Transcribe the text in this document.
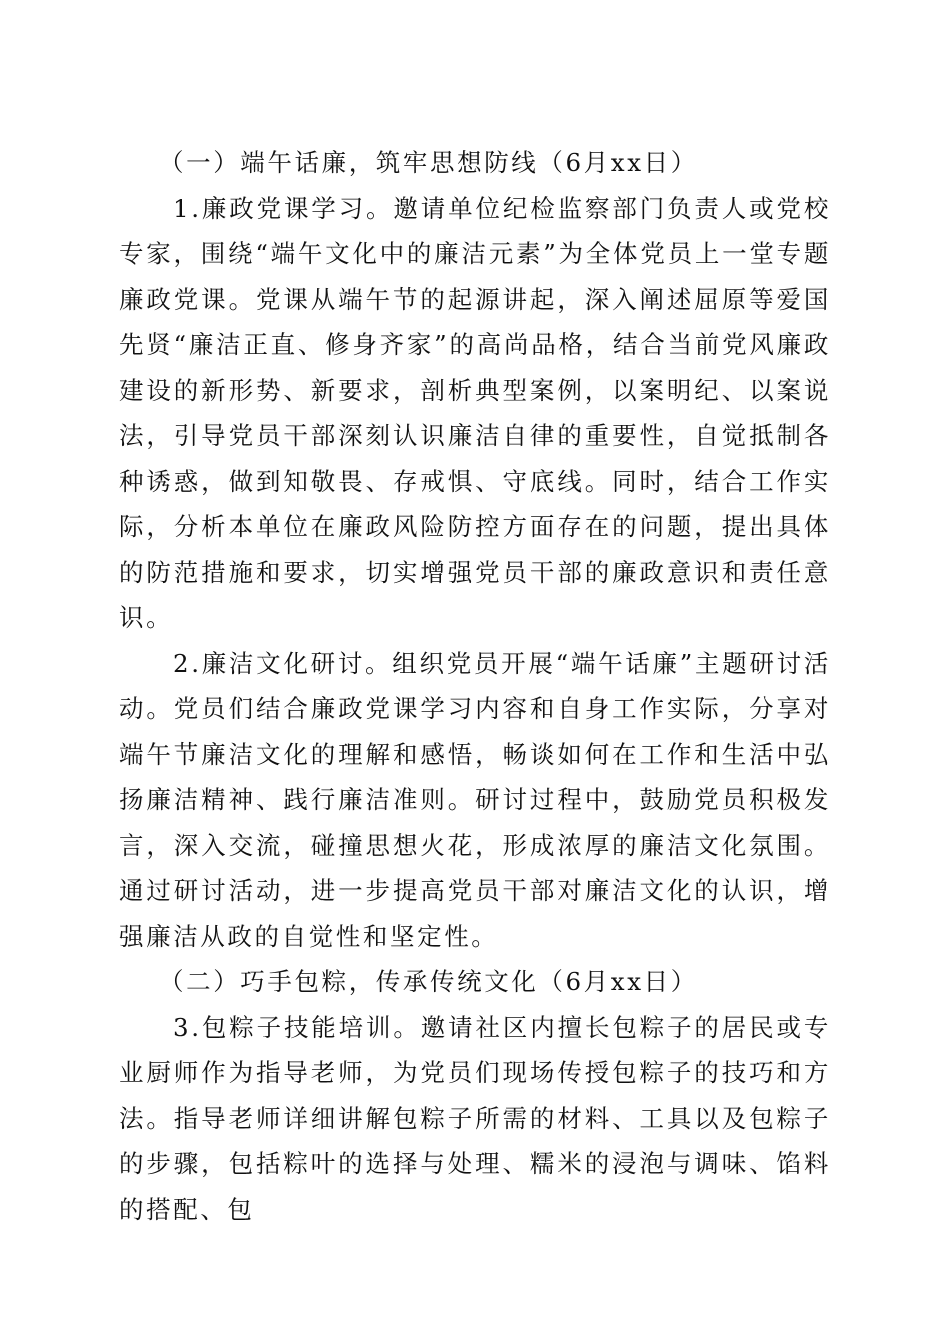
（一）端午话廉，筑牢思想防线（6月xx日）

1.廉政党课学习。邀请单位纪检监察部门负责人或党校专家，围绕“端午文化中的廉洁元素”为全体党员上一堂专题廉政党课。党课从端午节的起源讲起，深入阐述屈原等爱国先贤“廉洁正直、修身齐家”的高尚品格，结合当前党风廉政建设的新形势、新要求，剖析典型案例，以案明纪、以案说法，引导党员干部深刻认识廉洁自律的重要性，自觉抵制各种诱惑，做到知敬畏、存戒惧、守底线。同时，结合工作实际，分析本单位在廉政风险防控方面存在的问题，提出具体的防范措施和要求，切实增强党员干部的廉政意识和责任意识。

2.廉洁文化研讨。组织党员开展“端午话廉”主题研讨活动。党员们结合廉政党课学习内容和自身工作实际，分享对端午节廉洁文化的理解和感悟，畅谈如何在工作和生活中弘扬廉洁精神、践行廉洁准则。研讨过程中，鼓励党员积极发言，深入交流，碰撞思想火花，形成浓厚的廉洁文化氛围。通过研讨活动，进一步提高党员干部对廉洁文化的认识，增强廉洁从政的自觉性和坚定性。

（二）巧手包粽，传承传统文化（6月xx日）

3.包粽子技能培训。邀请社区内擅长包粽子的居民或专业厨师作为指导老师，为党员们现场传授包粽子的技巧和方法。指导老师详细讲解包粽子所需的材料、工具以及包粽子的步骤，包括粽叶的选择与处理、糯米的浸泡与调味、馅料的搭配、包
